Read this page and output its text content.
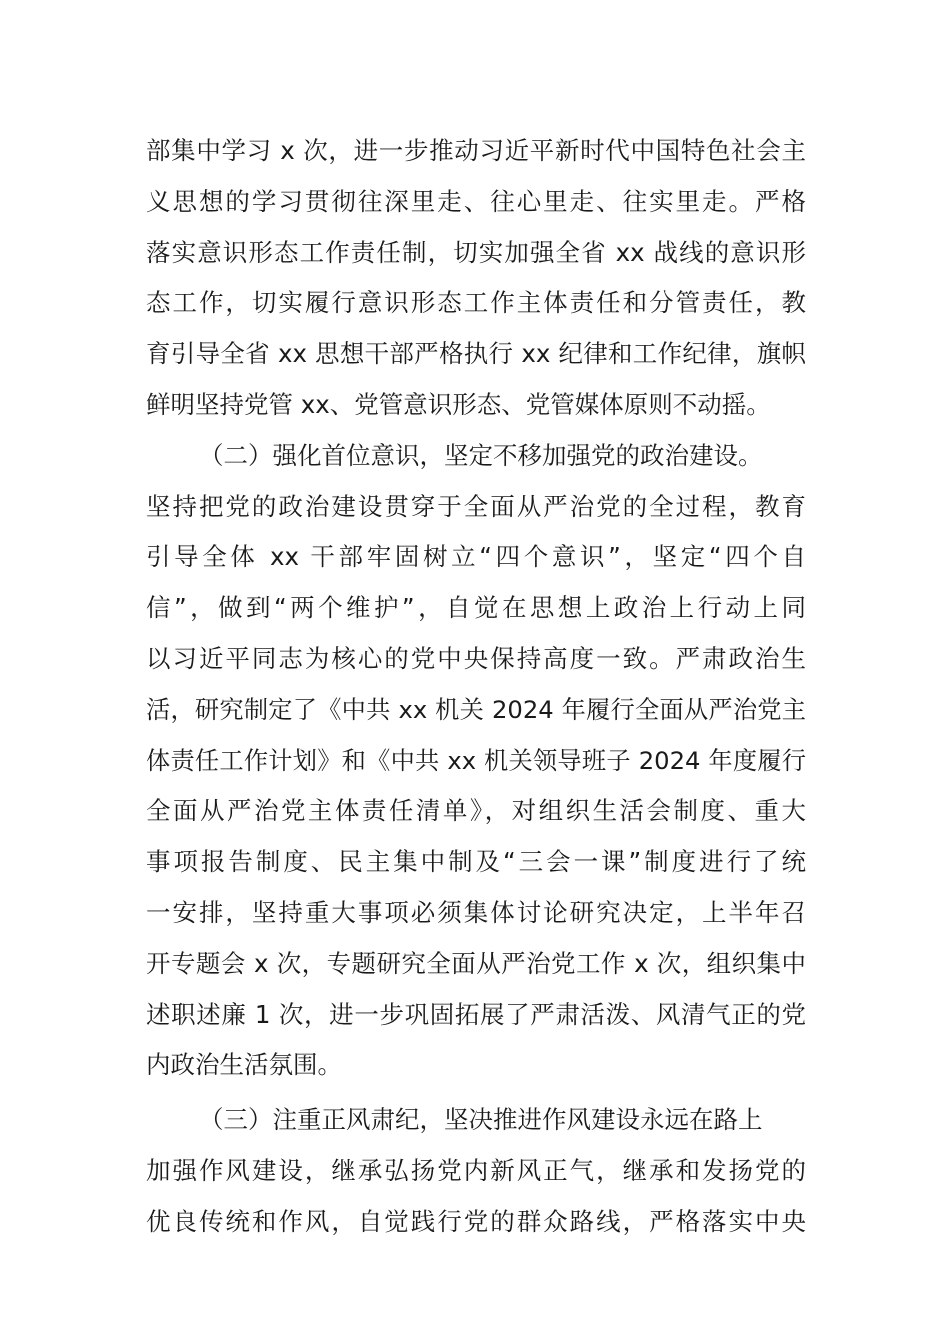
部集中学习 x 次，进一步推动习近平新时代中国特色社会主
义思想的学习贯彻往深里走、往心里走、往实里走。严格
落实意识形态工作责任制，切实加强全省 xx 战线的意识形
态工作，切实履行意识形态工作主体责任和分管责任，教
育引导全省 xx 思想干部严格执行 xx 纪律和工作纪律，旗帜
鲜明坚持党管 xx、党管意识形态、党管媒体原则不动摇。
（二）强化首位意识，坚定不移加强党的政治建设。
坚持把党的政治建设贯穿于全面从严治党的全过程，教育
引导全体 xx 干部牢固树立“四个意识”，坚定“四个自
信”，做到“两个维护”，自觉在思想上政治上行动上同
以习近平同志为核心的党中央保持高度一致。严肃政治生
活，研究制定了《中共 xx 机关 2024 年履行全面从严治党主
体责任工作计划》和《中共 xx 机关领导班子 2024 年度履行
全面从严治党主体责任清单》，对组织生活会制度、重大
事项报告制度、民主集中制及“三会一课”制度进行了统
一安排，坚持重大事项必须集体讨论研究决定，上半年召
开专题会 x 次，专题研究全面从严治党工作 x 次，组织集中
述职述廉 1 次，进一步巩固拓展了严肃活泼、风清气正的党
内政治生活氛围。
（三）注重正风肃纪，坚决推进作风建设永远在路上
加强作风建设，继承弘扬党内新风正气，继承和发扬党的
优良传统和作风，自觉践行党的群众路线，严格落实中央
